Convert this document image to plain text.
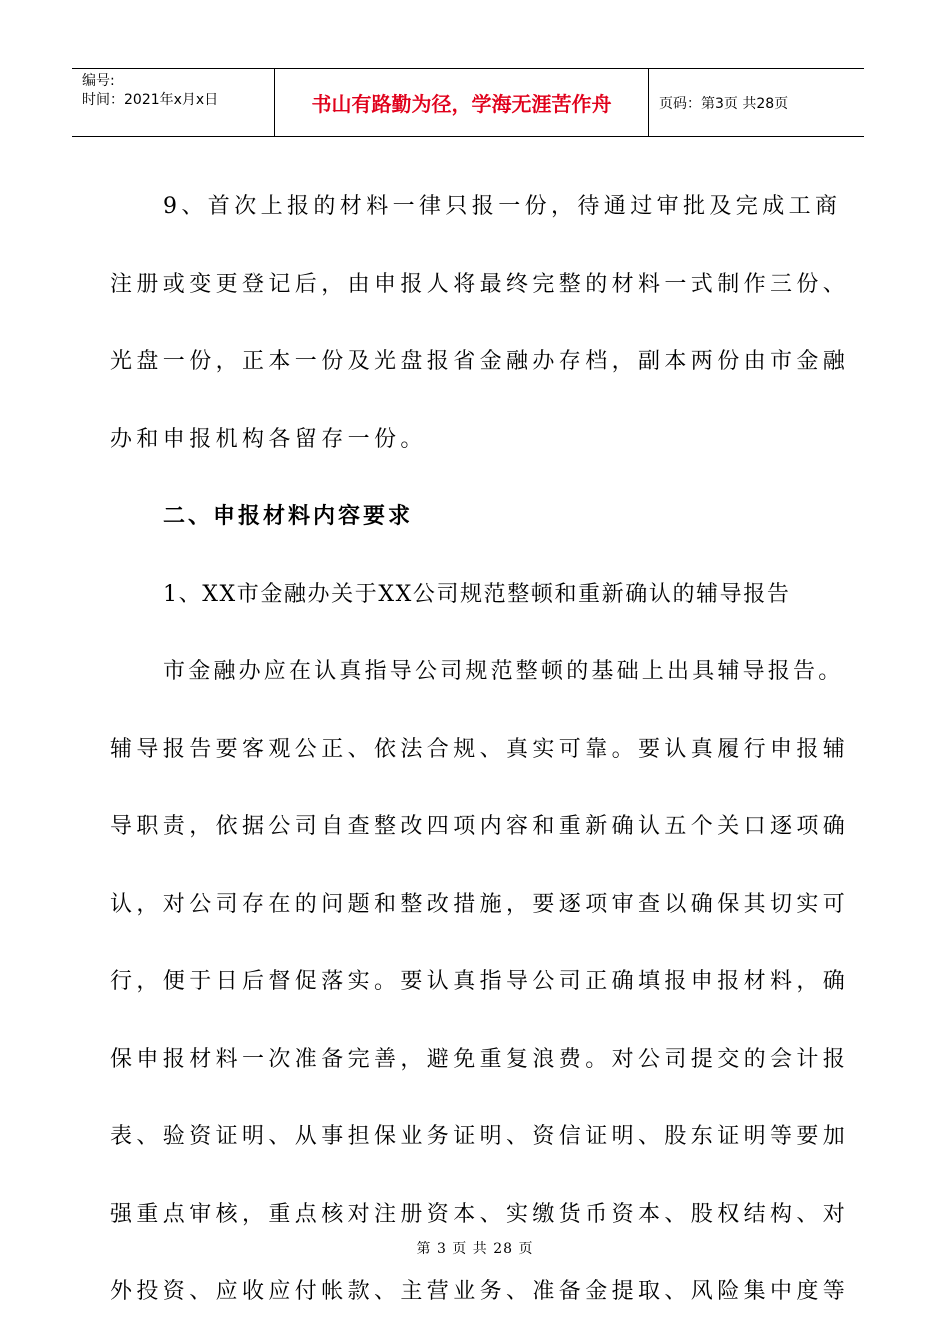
编号:
时间：2021年x月x日	书山有路勤为径，学海无涯苦作舟	页码：第3页 共28页

9、首次上报的材料一律只报一份，待通过审批及完成工商

注册或变更登记后，由申报人将最终完整的材料一式制作三份、

光盘一份，正本一份及光盘报省金融办存档，副本两份由市金融

办和申报机构各留存一份。

二、申报材料内容要求

1、XX市金融办关于XX公司规范整顿和重新确认的辅导报告

市金融办应在认真指导公司规范整顿的基础上出具辅导报告。

辅导报告要客观公正、依法合规、真实可靠。要认真履行申报辅

导职责，依据公司自查整改四项内容和重新确认五个关口逐项确

认，对公司存在的问题和整改措施，要逐项审查以确保其切实可

行，便于日后督促落实。要认真指导公司正确填报申报材料，确

保申报材料一次准备完善，避免重复浪费。对公司提交的会计报

表、验资证明、从事担保业务证明、资信证明、股东证明等要加

强重点审核，重点核对注册资本、实缴货币资本、股权结构、对

外投资、应收应付帐款、主营业务、准备金提取、风险集中度等

第 3 页 共 28 页
